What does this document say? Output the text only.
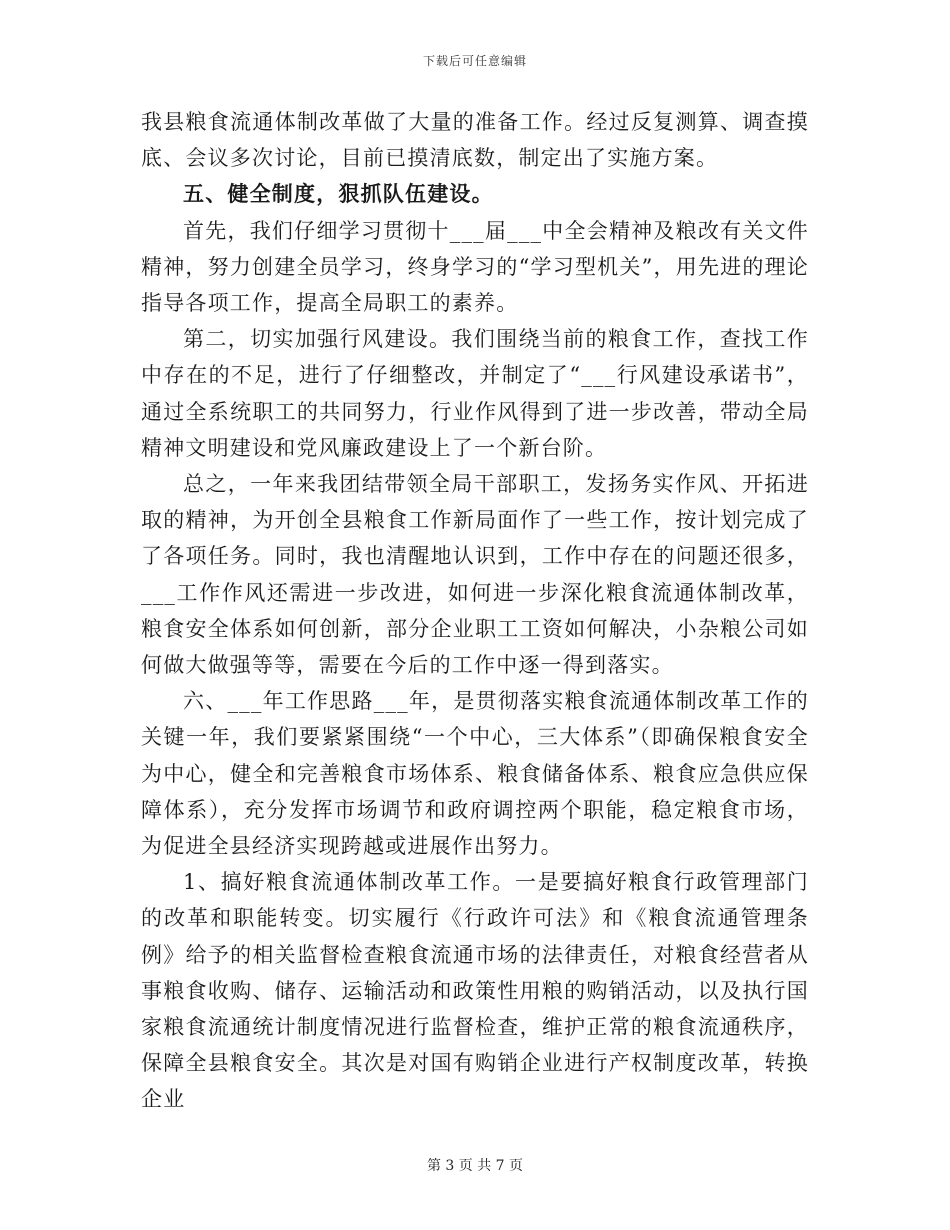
下载后可任意编辑

我县粮食流通体制改革做了大量的准备工作。经过反复测算、调查摸底、会议多次讨论，目前已摸清底数，制定出了实施方案。

五、健全制度，狠抓队伍建设。

首先，我们仔细学习贯彻十___届___中全会精神及粮改有关文件精神，努力创建全员学习，终身学习的“学习型机关”，用先进的理论指导各项工作，提高全局职工的素养。

第二，切实加强行风建设。我们围绕当前的粮食工作，查找工作中存在的不足，进行了仔细整改，并制定了“___行风建设承诺书”，通过全系统职工的共同努力，行业作风得到了进一步改善，带动全局精神文明建设和党风廉政建设上了一个新台阶。

总之，一年来我团结带领全局干部职工，发扬务实作风、开拓进取的精神，为开创全县粮食工作新局面作了一些工作，按计划完成了了各项任务。同时，我也清醒地认识到，工作中存在的问题还很多，___工作作风还需进一步改进，如何进一步深化粮食流通体制改革，粮食安全体系如何创新，部分企业职工工资如何解决，小杂粮公司如何做大做强等等，需要在今后的工作中逐一得到落实。

六、___年工作思路___年，是贯彻落实粮食流通体制改革工作的关键一年，我们要紧紧围绕“一个中心，三大体系”（即确保粮食安全为中心，健全和完善粮食市场体系、粮食储备体系、粮食应急供应保障体系），充分发挥市场调节和政府调控两个职能，稳定粮食市场，为促进全县经济实现跨越或进展作出努力。

1、搞好粮食流通体制改革工作。一是要搞好粮食行政管理部门的改革和职能转变。切实履行《行政许可法》和《粮食流通管理条例》给予的相关监督检查粮食流通市场的法律责任，对粮食经营者从事粮食收购、储存、运输活动和政策性用粮的购销活动，以及执行国家粮食流通统计制度情况进行监督检查，维护正常的粮食流通秩序，保障全县粮食安全。其次是对国有购销企业进行产权制度改革，转换企业

第 3 页 共 7 页
